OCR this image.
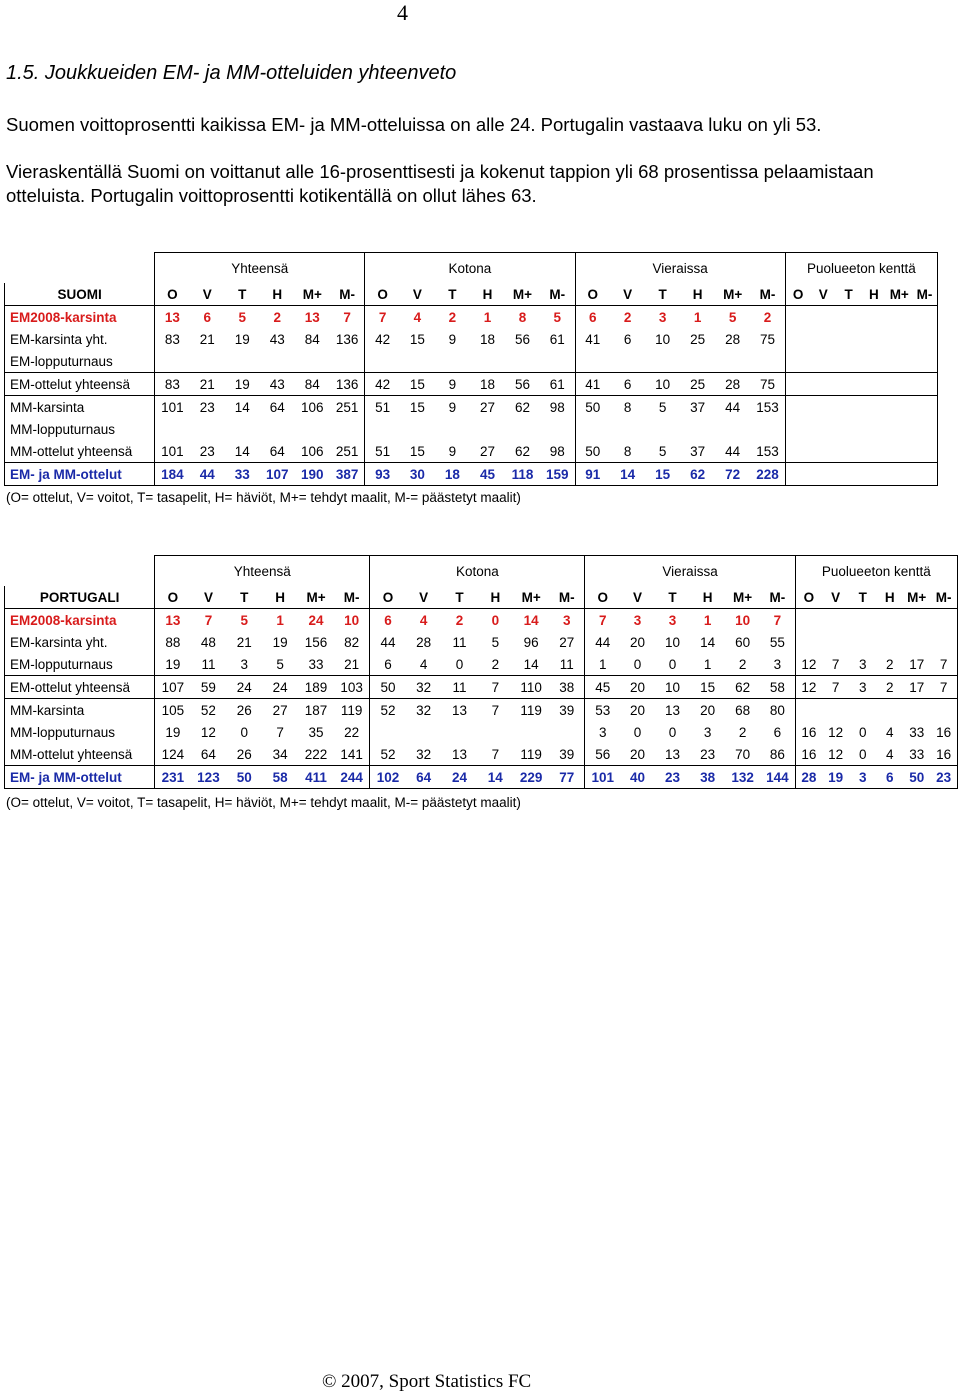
4
1.5. Joukkueiden EM- ja MM-otteluiden yhteenveto
Suomen voittoprosentti kaikissa EM- ja MM-otteluissa on alle 24. Portugalin vastaava luku on yli 53.
Vieraskentällä Suomi on voittanut alle 16-prosenttisesti ja kokenut tappion yli 68 prosentissa pelaamistaan otteluista. Portugalin voittoprosentti kotikentällä on ollut lähes 63.
	Yhteensä						Kotona						Vieraissa						Puolueeton kenttä					
SUOMI	O	V	T	H	M+	M-	O	V	T	H	M+	M-	O	V	T	H	M+	M-	O	V	T	H	M+	M-
EM2008-karsinta	13	6	5	2	13	7	7	4	2	1	8	5	6	2	3	1	5	2						
EM-karsinta yht.	83	21	19	43	84	136	42	15	9	18	56	61	41	6	10	25	28	75						
EM-lopputurnaus																								
EM-ottelut yhteensä	83	21	19	43	84	136	42	15	9	18	56	61	41	6	10	25	28	75						
MM-karsinta	101	23	14	64	106	251	51	15	9	27	62	98	50	8	5	37	44	153						
MM-lopputurnaus																								
MM-ottelut yhteensä	101	23	14	64	106	251	51	15	9	27	62	98	50	8	5	37	44	153						
EM- ja MM-ottelut	184	44	33	107	190	387	93	30	18	45	118	159	91	14	15	62	72	228						
	Yhteensä						Kotona						Vieraissa						Puolueeton kenttä					
PORTUGALI	O	V	T	H	M+	M-	O	V	T	H	M+	M-	O	V	T	H	M+	M-	O	V	T	H	M+	M-
EM2008-karsinta	13	7	5	1	24	10	6	4	2	0	14	3	7	3	3	1	10	7						
EM-karsinta yht.	88	48	21	19	156	82	44	28	11	5	96	27	44	20	10	14	60	55						
EM-lopputurnaus	19	11	3	5	33	21	6	4	0	2	14	11	1	0	0	1	2	3	12	7	3	2	17	7
EM-ottelut yhteensä	107	59	24	24	189	103	50	32	11	7	110	38	45	20	10	15	62	58	12	7	3	2	17	7
MM-karsinta	105	52	26	27	187	119	52	32	13	7	119	39	53	20	13	20	68	80						
MM-lopputurnaus	19	12	0	7	35	22							3	0	0	3	2	6	16	12	0	4	33	16
MM-ottelut yhteensä	124	64	26	34	222	141	52	32	13	7	119	39	56	20	13	23	70	86	16	12	0	4	33	16
EM- ja MM-ottelut	231	123	50	58	411	244	102	64	24	14	229	77	101	40	23	38	132	144	28	19	3	6	50	23
(O= ottelut, V= voitot, T= tasapelit, H= häviöt, M+= tehdyt maalit, M-= päästetyt maalit)
(O= ottelut, V= voitot, T= tasapelit, H= häviöt, M+= tehdyt maalit, M-= päästetyt maalit)
© 2007, Sport Statistics FC
